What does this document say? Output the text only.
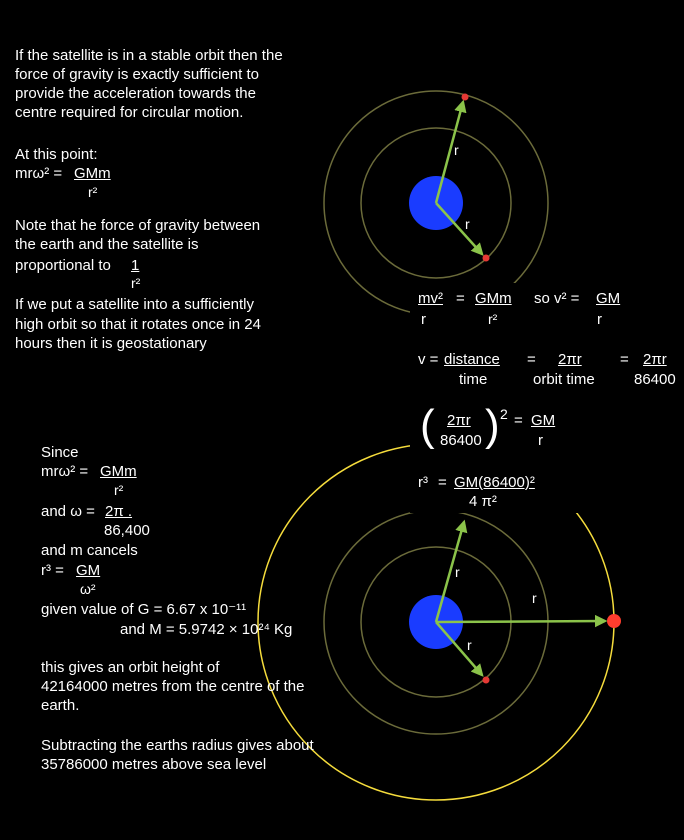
r
r
r
r
r
If the satellite is in a stable orbit then the
force of gravity is exactly sufficient to
provide the acceleration towards the
centre required for circular motion.
At this point:
mrω² = GMm
r²
Note that he force of gravity between
the earth and the satellite is
proportional to 1
r²
If we put a satellite into a sufficiently
high orbit so that it rotates once in 24
hours then it is geostationary
mv² = GMm so v² = GM
r	r²	r
v = distance = 2πr	= 2πr
time	orbit time	86400
( 2πr
86400 ) 2 = GM
r
r³ = GM(86400)²
4 π²
Since
mrω² = GMm
r²
and ω = 2π .
86,400
and m cancels
r³ = GM
ω²
given value of G = 6.67 x 10⁻¹¹
and M = 5.9742 × 10²⁴ Kg
this gives an orbit height of
42164000 metres from the centre of the
earth.
Subtracting the earths radius gives about
35786000 metres above sea level
